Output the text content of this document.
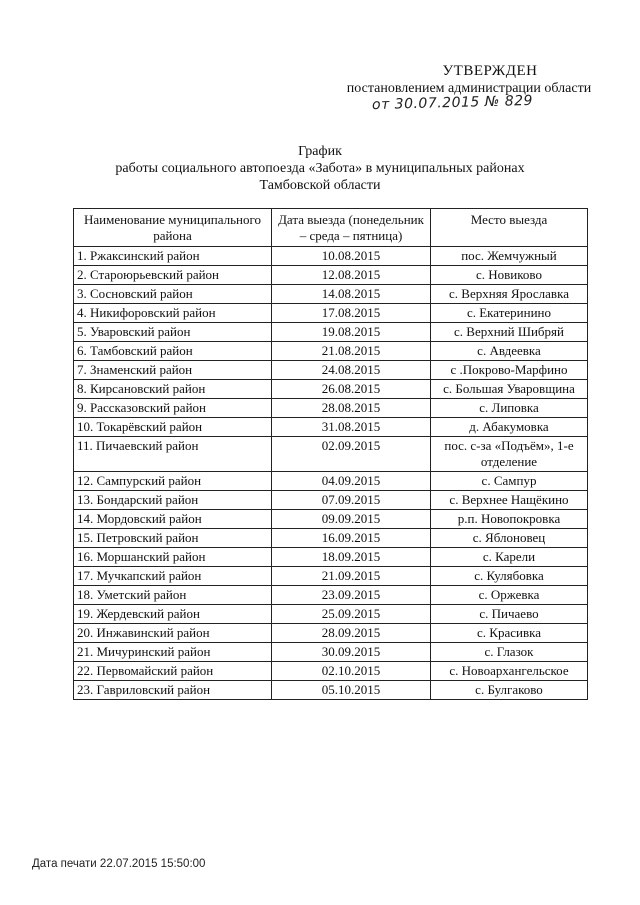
УТВЕРЖДЕН
постановлением администрации области
от 30.07.2015 № 829
График
работы социального автопоезда «Забота» в муниципальных районах
Тамбовской области
Наименование муниципального района	Дата выезда (понедельник – среда – пятница)	Место выезда
1. Ржаксинский район	10.08.2015	пос. Жемчужный
2. Староюрьевский район	12.08.2015	с. Новиково
3. Сосновский район	14.08.2015	с. Верхняя Ярославка
4. Никифоровский район	17.08.2015	с. Екатеринино
5. Уваровский район	19.08.2015	с. Верхний Шибряй
6. Тамбовский район	21.08.2015	с. Авдеевка
7. Знаменский район	24.08.2015	с .Покрово-Марфино
8. Кирсановский район	26.08.2015	с. Большая Уваровщина
9. Рассказовский район	28.08.2015	с. Липовка
10. Токарёвский район	31.08.2015	д. Абакумовка
11. Пичаевский район	02.09.2015	пос. с-за «Подъём», 1-е отделение
12. Сампурский район	04.09.2015	с. Сампур
13. Бондарский район	07.09.2015	с. Верхнее Нащёкино
14. Мордовский район	09.09.2015	р.п. Новопокровка
15. Петровский район	16.09.2015	с. Яблоновец
16. Моршанский район	18.09.2015	с. Карели
17. Мучкапский район	21.09.2015	с. Кулябовка
18. Уметский район	23.09.2015	с. Оржевка
19. Жердевский район	25.09.2015	с. Пичаево
20. Инжавинский район	28.09.2015	с. Красивка
21. Мичуринский район	30.09.2015	с. Глазок
22. Первомайский район	02.10.2015	с. Новоархангельское
23. Гавриловский район	05.10.2015	с. Булгаково
Дата печати 22.07.2015 15:50:00
